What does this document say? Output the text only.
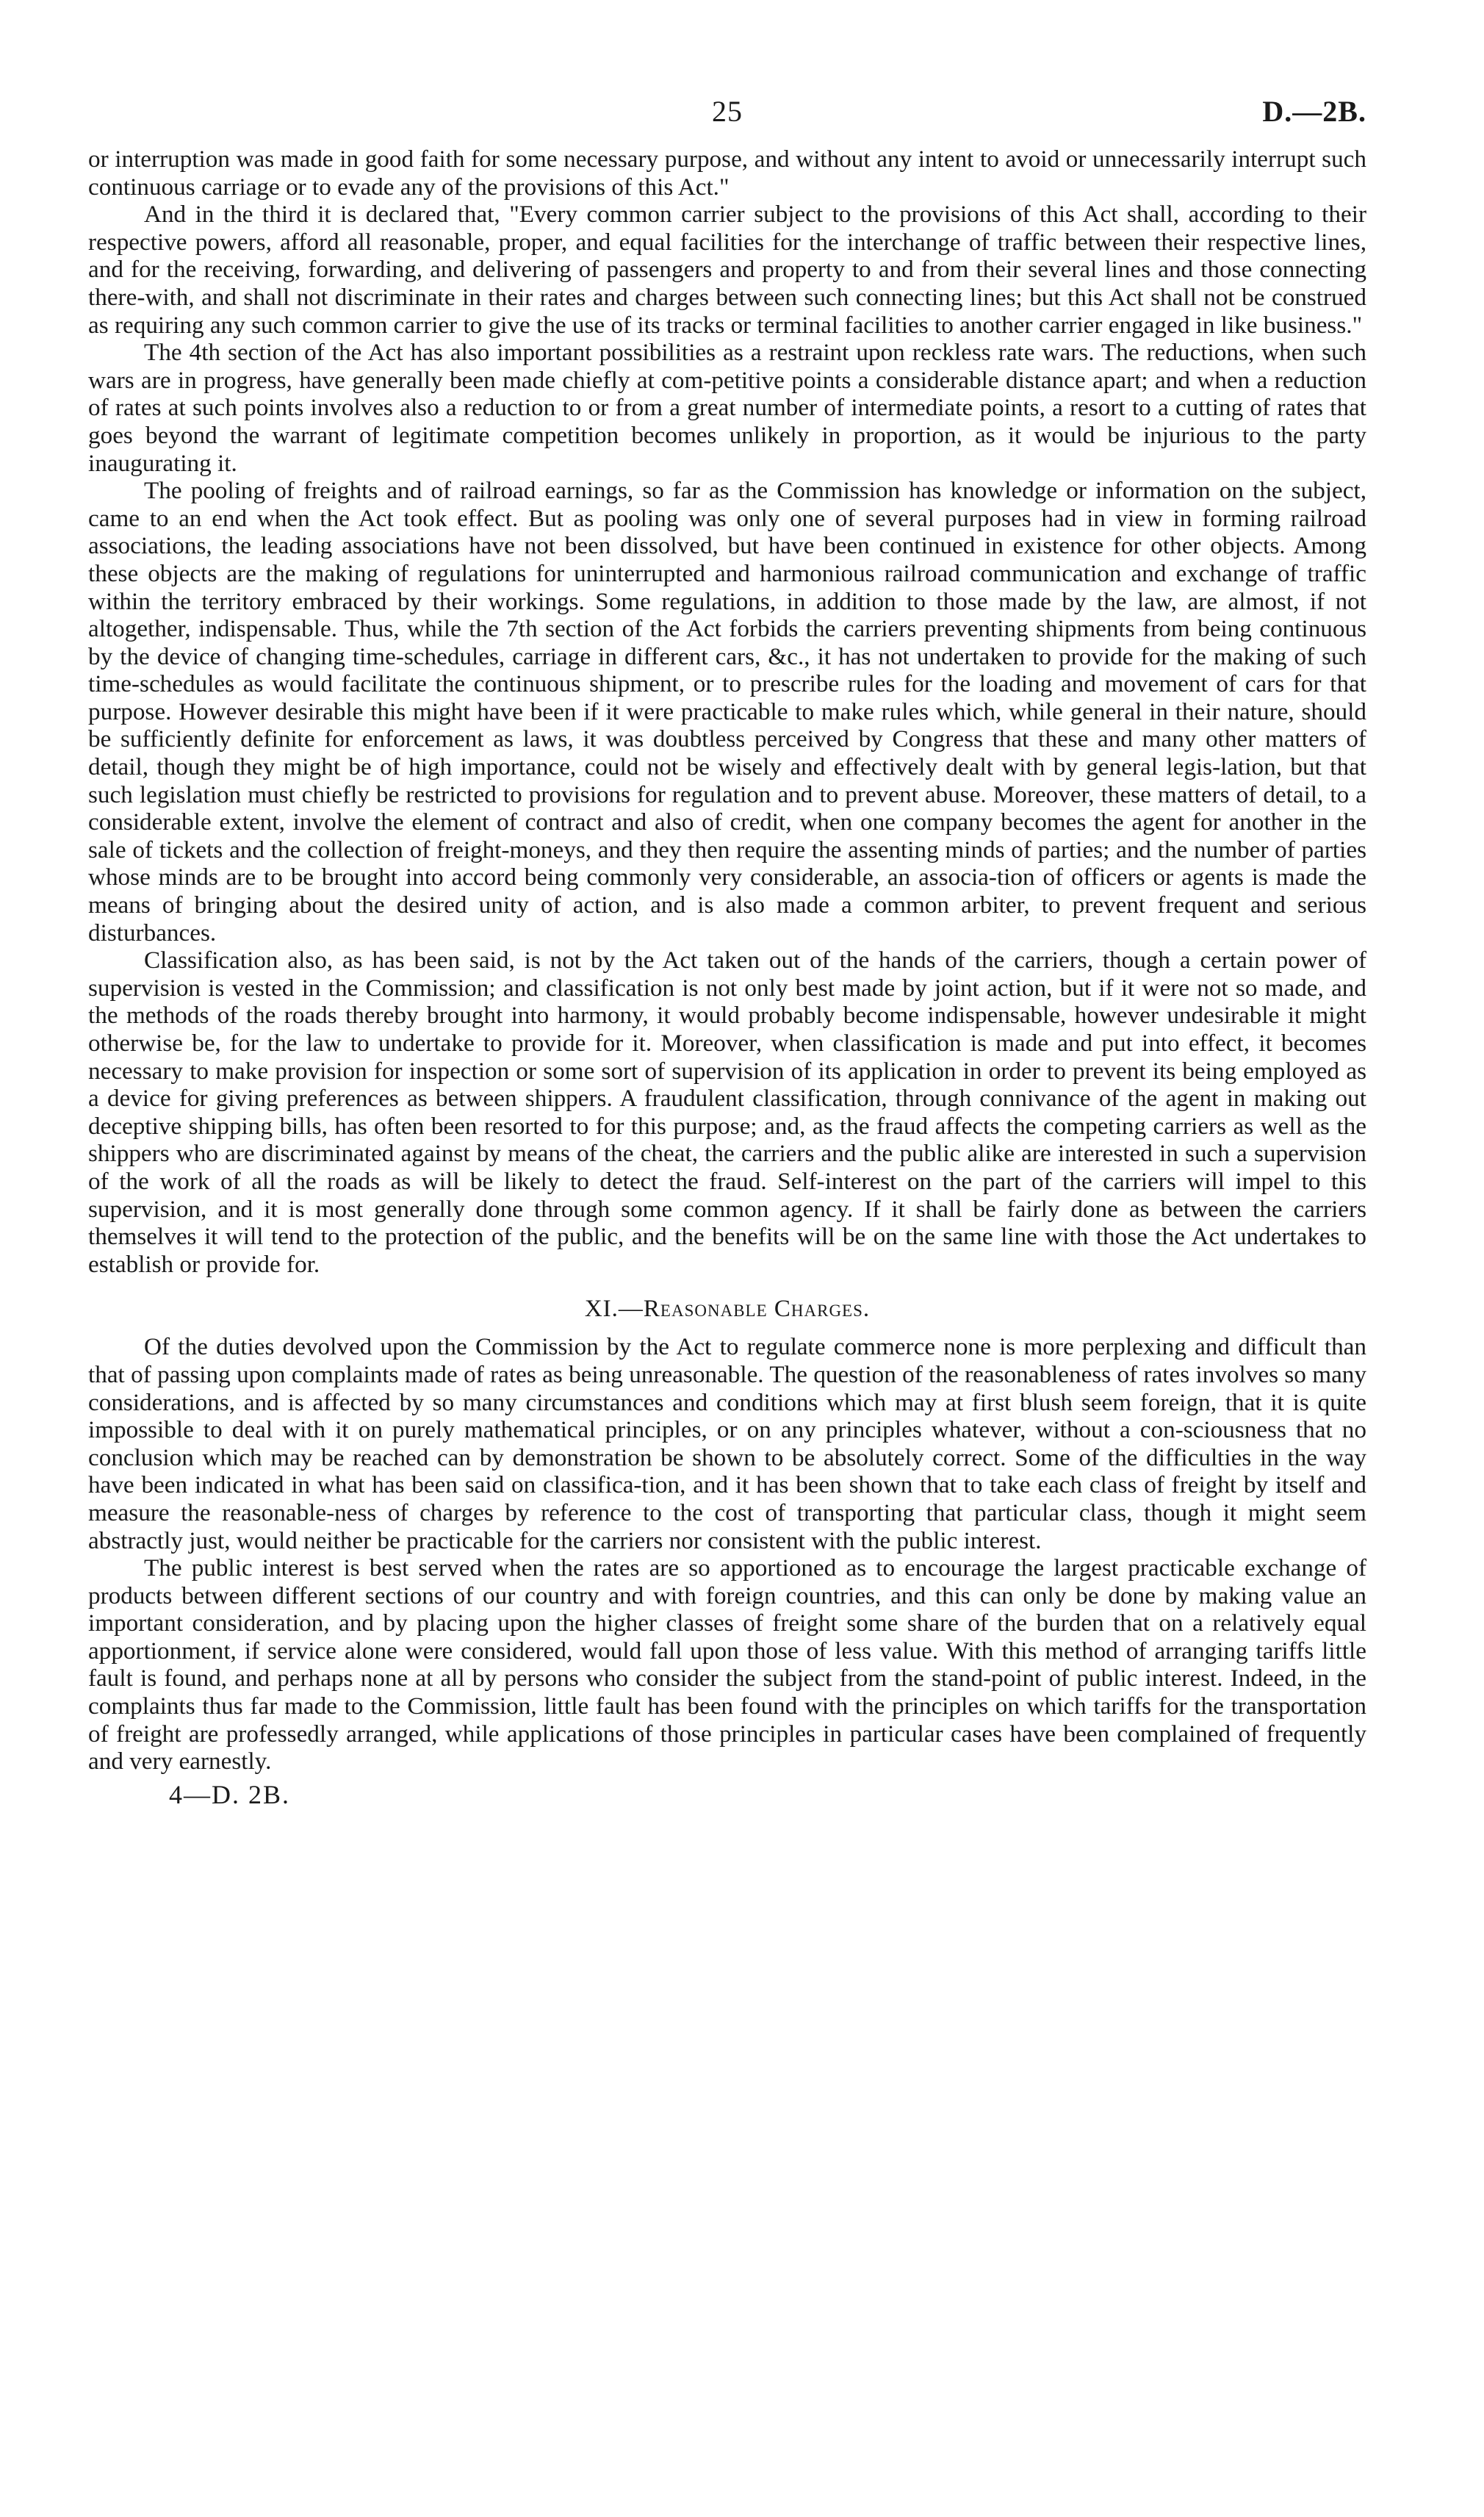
25	D.—2B.

or interruption was made in good faith for some necessary purpose, and without any intent to avoid or unnecessarily interrupt such continuous carriage or to evade any of the provisions of this Act."

And in the third it is declared that, "Every common carrier subject to the provisions of this Act shall, according to their respective powers, afford all reasonable, proper, and equal facilities for the interchange of traffic between their respective lines, and for the receiving, forwarding, and delivering of passengers and property to and from their several lines and those connecting there-with, and shall not discriminate in their rates and charges between such connecting lines; but this Act shall not be construed as requiring any such common carrier to give the use of its tracks or terminal facilities to another carrier engaged in like business."

The 4th section of the Act has also important possibilities as a restraint upon reckless rate wars. The reductions, when such wars are in progress, have generally been made chiefly at com-petitive points a considerable distance apart; and when a reduction of rates at such points involves also a reduction to or from a great number of intermediate points, a resort to a cutting of rates that goes beyond the warrant of legitimate competition becomes unlikely in proportion, as it would be injurious to the party inaugurating it.

The pooling of freights and of railroad earnings, so far as the Commission has knowledge or information on the subject, came to an end when the Act took effect. But as pooling was only one of several purposes had in view in forming railroad associations, the leading associations have not been dissolved, but have been continued in existence for other objects. Among these objects are the making of regulations for uninterrupted and harmonious railroad communication and exchange of traffic within the territory embraced by their workings. Some regulations, in addition to those made by the law, are almost, if not altogether, indispensable. Thus, while the 7th section of the Act forbids the carriers preventing shipments from being continuous by the device of changing time-schedules, carriage in different cars, &c., it has not undertaken to provide for the making of such time-schedules as would facilitate the continuous shipment, or to prescribe rules for the loading and movement of cars for that purpose. However desirable this might have been if it were practicable to make rules which, while general in their nature, should be sufficiently definite for enforcement as laws, it was doubtless perceived by Congress that these and many other matters of detail, though they might be of high importance, could not be wisely and effectively dealt with by general legis-lation, but that such legislation must chiefly be restricted to provisions for regulation and to prevent abuse. Moreover, these matters of detail, to a considerable extent, involve the element of contract and also of credit, when one company becomes the agent for another in the sale of tickets and the collection of freight-moneys, and they then require the assenting minds of parties; and the number of parties whose minds are to be brought into accord being commonly very considerable, an associa-tion of officers or agents is made the means of bringing about the desired unity of action, and is also made a common arbiter, to prevent frequent and serious disturbances.

Classification also, as has been said, is not by the Act taken out of the hands of the carriers, though a certain power of supervision is vested in the Commission; and classification is not only best made by joint action, but if it were not so made, and the methods of the roads thereby brought into harmony, it would probably become indispensable, however undesirable it might otherwise be, for the law to undertake to provide for it. Moreover, when classification is made and put into effect, it becomes necessary to make provision for inspection or some sort of supervision of its application in order to prevent its being employed as a device for giving preferences as between shippers. A fraudulent classification, through connivance of the agent in making out deceptive shipping bills, has often been resorted to for this purpose; and, as the fraud affects the competing carriers as well as the shippers who are discriminated against by means of the cheat, the carriers and the public alike are interested in such a supervision of the work of all the roads as will be likely to detect the fraud. Self-interest on the part of the carriers will impel to this supervision, and it is most generally done through some common agency. If it shall be fairly done as between the carriers themselves it will tend to the protection of the public, and the benefits will be on the same line with those the Act undertakes to establish or provide for.

XI.—Reasonable Charges.

Of the duties devolved upon the Commission by the Act to regulate commerce none is more perplexing and difficult than that of passing upon complaints made of rates as being unreasonable. The question of the reasonableness of rates involves so many considerations, and is affected by so many circumstances and conditions which may at first blush seem foreign, that it is quite impossible to deal with it on purely mathematical principles, or on any principles whatever, without a con-sciousness that no conclusion which may be reached can by demonstration be shown to be absolutely correct. Some of the difficulties in the way have been indicated in what has been said on classifica-tion, and it has been shown that to take each class of freight by itself and measure the reasonable-ness of charges by reference to the cost of transporting that particular class, though it might seem abstractly just, would neither be practicable for the carriers nor consistent with the public interest.

The public interest is best served when the rates are so apportioned as to encourage the largest practicable exchange of products between different sections of our country and with foreign countries, and this can only be done by making value an important consideration, and by placing upon the higher classes of freight some share of the burden that on a relatively equal apportionment, if service alone were considered, would fall upon those of less value. With this method of arranging tariffs little fault is found, and perhaps none at all by persons who consider the subject from the stand-point of public interest. Indeed, in the complaints thus far made to the Commission, little fault has been found with the principles on which tariffs for the transportation of freight are professedly arranged, while applications of those principles in particular cases have been complained of frequently and very earnestly.

4—D. 2B.
